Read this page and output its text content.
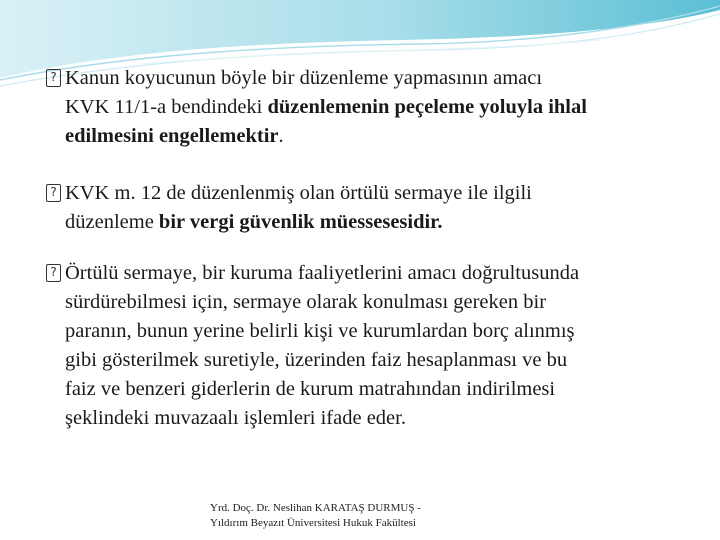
? Kanun koyucunun böyle bir düzenleme yapmasının amacı
KVK 11/1-a bendindeki düzenlemenin peçeleme yoluyla ihlal
edilmesini engellemektir.
? KVK m. 12 de düzenlenmiş olan örtülü sermaye ile ilgili
düzenleme bir vergi güvenlik müessesesidir.
? Örtülü sermaye, bir kuruma faaliyetlerini amacı doğrultusunda
sürdürebilmesi için, sermaye olarak konulması gereken bir
paranın, bunun yerine belirli kişi ve kurumlardan borç alınmış
gibi gösterilmek suretiyle, üzerinden faiz hesaplanması ve bu
faiz ve benzeri giderlerin de kurum matrahından indirilmesi
şeklindeki muvazaalı işlemleri ifade eder.
Yrd. Doç. Dr. Neslihan KARATAŞ DURMUŞ -
Yıldırım Beyazıt Üniversitesi Hukuk Fakültesi
